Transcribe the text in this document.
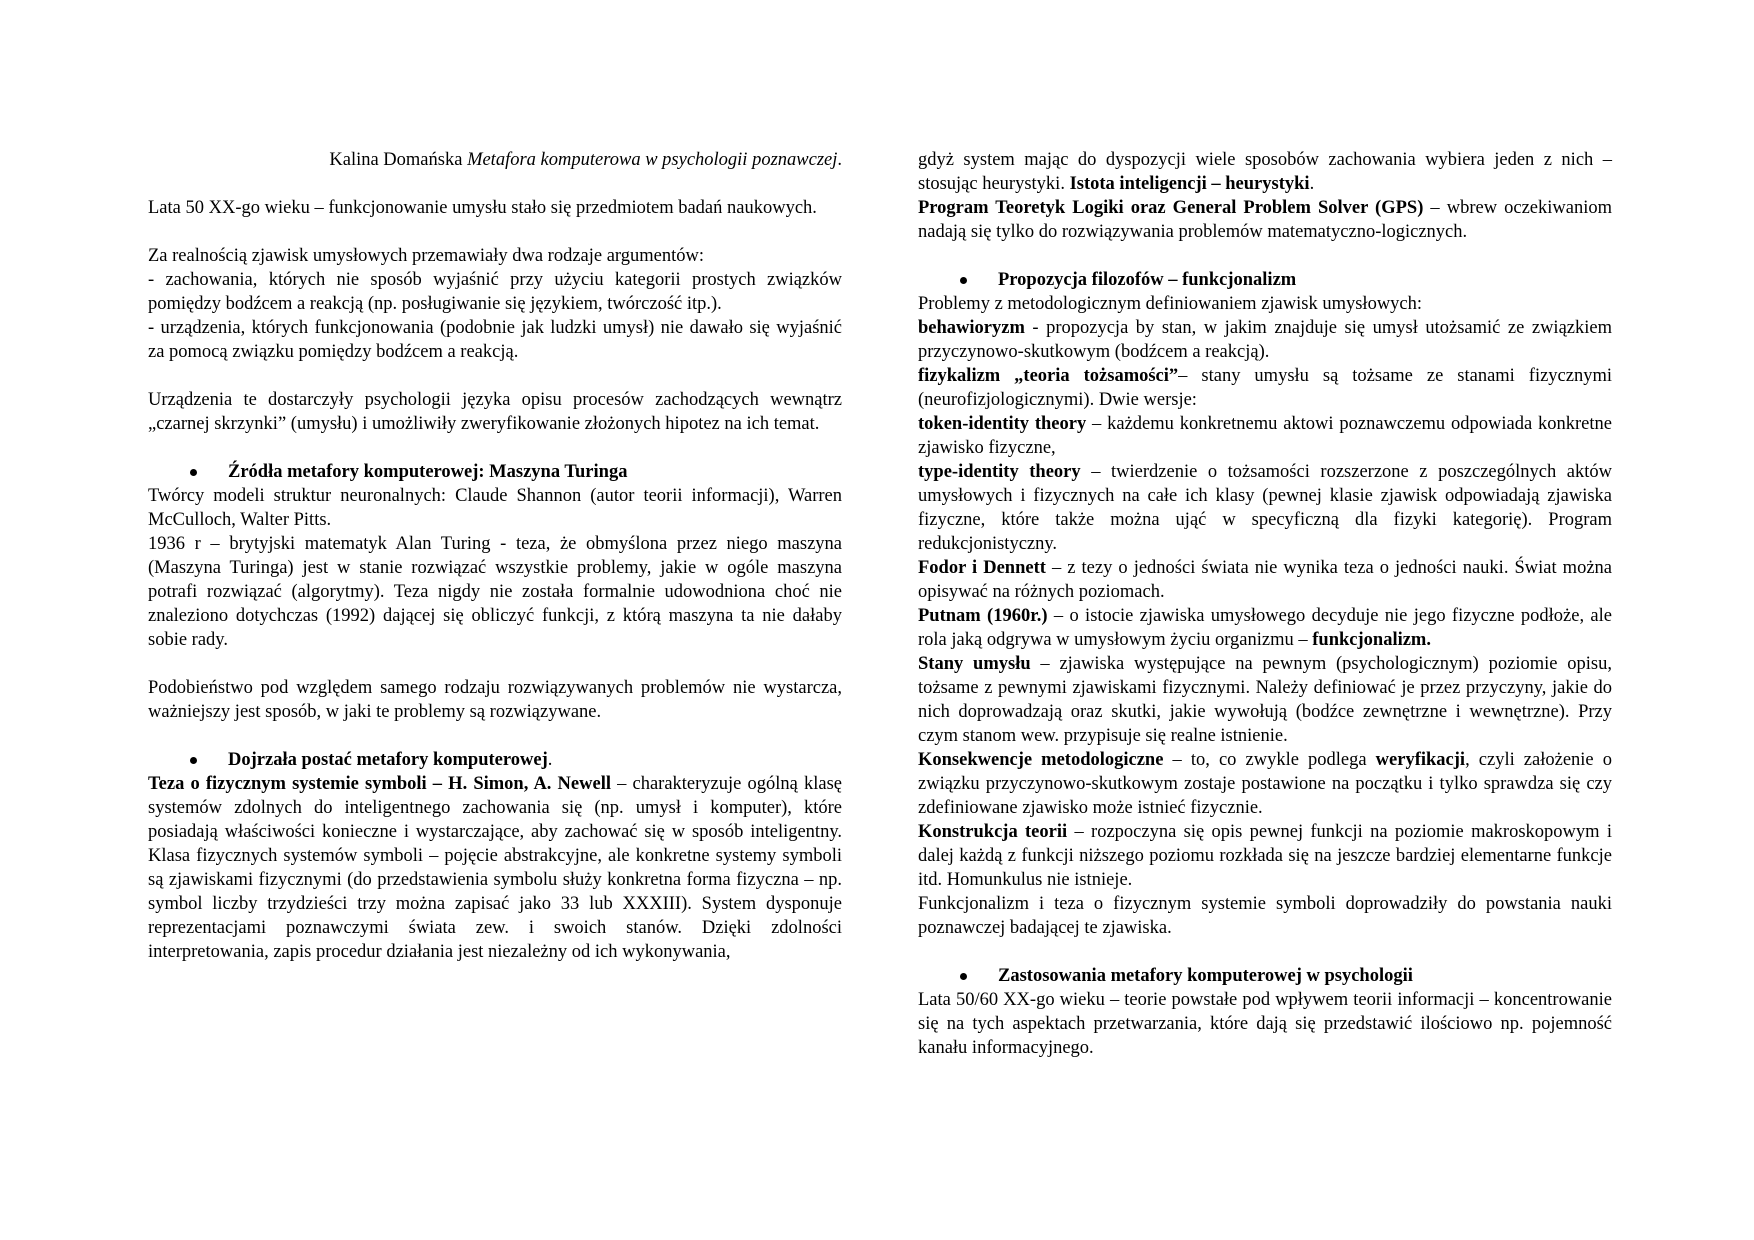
Kalina Domańska Metafora komputerowa w psychologii poznawczej.

Lata 50 XX-go wieku – funkcjonowanie umysłu stało się przedmiotem badań naukowych.

Za realnością zjawisk umysłowych przemawiały dwa rodzaje argumentów:

- zachowania, których nie sposób wyjaśnić przy użyciu kategorii prostych związków pomiędzy bodźcem a reakcją (np. posługiwanie się językiem, twórczość itp.).

- urządzenia, których funkcjonowania (podobnie jak ludzki umysł) nie dawało się wyjaśnić za pomocą związku pomiędzy bodźcem a reakcją.

Urządzenia te dostarczyły psychologii języka opisu procesów zachodzących wewnątrz „czarnej skrzynki” (umysłu) i umożliwiły zweryfikowanie złożonych hipotez na ich temat.

Źródła metafory komputerowej: Maszyna Turinga

Twórcy modeli struktur neuronalnych: Claude Shannon (autor teorii informacji), Warren McCulloch, Walter Pitts.

1936 r – brytyjski matematyk Alan Turing - teza, że obmyślona przez niego maszyna (Maszyna Turinga) jest w stanie rozwiązać wszystkie problemy, jakie w ogóle maszyna potrafi rozwiązać (algorytmy). Teza nigdy nie została formalnie udowodniona choć nie znaleziono dotychczas (1992) dającej się obliczyć funkcji, z którą maszyna ta nie dałaby sobie rady.

Podobieństwo pod względem samego rodzaju rozwiązywanych problemów nie wystarcza, ważniejszy jest sposób, w jaki te problemy są rozwiązywane.

Dojrzała postać metafory komputerowej.

Teza o fizycznym systemie symboli – H. Simon, A. Newell – charakteryzuje ogólną klasę systemów zdolnych do inteligentnego zachowania się (np. umysł i komputer), które posiadają właściwości konieczne i wystarczające, aby zachować się w sposób inteligentny. Klasa fizycznych systemów symboli – pojęcie abstrakcyjne, ale konkretne systemy symboli są zjawiskami fizycznymi (do przedstawienia symbolu służy konkretna forma fizyczna – np. symbol liczby trzydzieści trzy można zapisać jako 33 lub XXXIII). System dysponuje reprezentacjami poznawczymi świata zew. i swoich stanów. Dzięki zdolności interpretowania, zapis procedur działania jest niezależny od ich wykonywania,

gdyż system mając do dyspozycji wiele sposobów zachowania wybiera jeden z nich – stosując heurystyki. Istota inteligencji – heurystyki.

Program Teoretyk Logiki oraz General Problem Solver (GPS) – wbrew oczekiwaniom nadają się tylko do rozwiązywania problemów matematyczno-logicznych.

Propozycja filozofów – funkcjonalizm

Problemy z metodologicznym definiowaniem zjawisk umysłowych:

behawioryzm - propozycja by stan, w jakim znajduje się umysł utożsamić ze związkiem przyczynowo-skutkowym (bodźcem a reakcją).

fizykalizm „teoria tożsamości”– stany umysłu są tożsame ze stanami fizycznymi (neurofizjologicznymi). Dwie wersje:

token-identity theory – każdemu konkretnemu aktowi poznawczemu odpowiada konkretne zjawisko fizyczne,

type-identity theory – twierdzenie o tożsamości rozszerzone z poszczególnych aktów umysłowych i fizycznych na całe ich klasy (pewnej klasie zjawisk odpowiadają zjawiska fizyczne, które także można ująć w specyficzną dla fizyki kategorię). Program redukcjonistyczny.

Fodor i Dennett – z tezy o jedności świata nie wynika teza o jedności nauki. Świat można opisywać na różnych poziomach.

Putnam (1960r.) – o istocie zjawiska umysłowego decyduje nie jego fizyczne podłoże, ale rola jaką odgrywa w umysłowym życiu organizmu – funkcjonalizm.

Stany umysłu – zjawiska występujące na pewnym (psychologicznym) poziomie opisu, tożsame z pewnymi zjawiskami fizycznymi. Należy definiować je przez przyczyny, jakie do nich doprowadzają oraz skutki, jakie wywołują (bodźce zewnętrzne i wewnętrzne). Przy czym stanom wew. przypisuje się realne istnienie.

Konsekwencje metodologiczne – to, co zwykle podlega weryfikacji, czyli założenie o związku przyczynowo-skutkowym zostaje postawione na początku i tylko sprawdza się czy zdefiniowane zjawisko może istnieć fizycznie.

Konstrukcja teorii – rozpoczyna się opis pewnej funkcji na poziomie makroskopowym i dalej każdą z funkcji niższego poziomu rozkłada się na jeszcze bardziej elementarne funkcje itd. Homunkulus nie istnieje.

Funkcjonalizm i teza o fizycznym systemie symboli doprowadziły do powstania nauki poznawczej badającej te zjawiska.

Zastosowania metafory komputerowej w psychologii

Lata 50/60 XX-go wieku – teorie powstałe pod wpływem teorii informacji – koncentrowanie się na tych aspektach przetwarzania, które dają się przedstawić ilościowo np. pojemność kanału informacyjnego.
